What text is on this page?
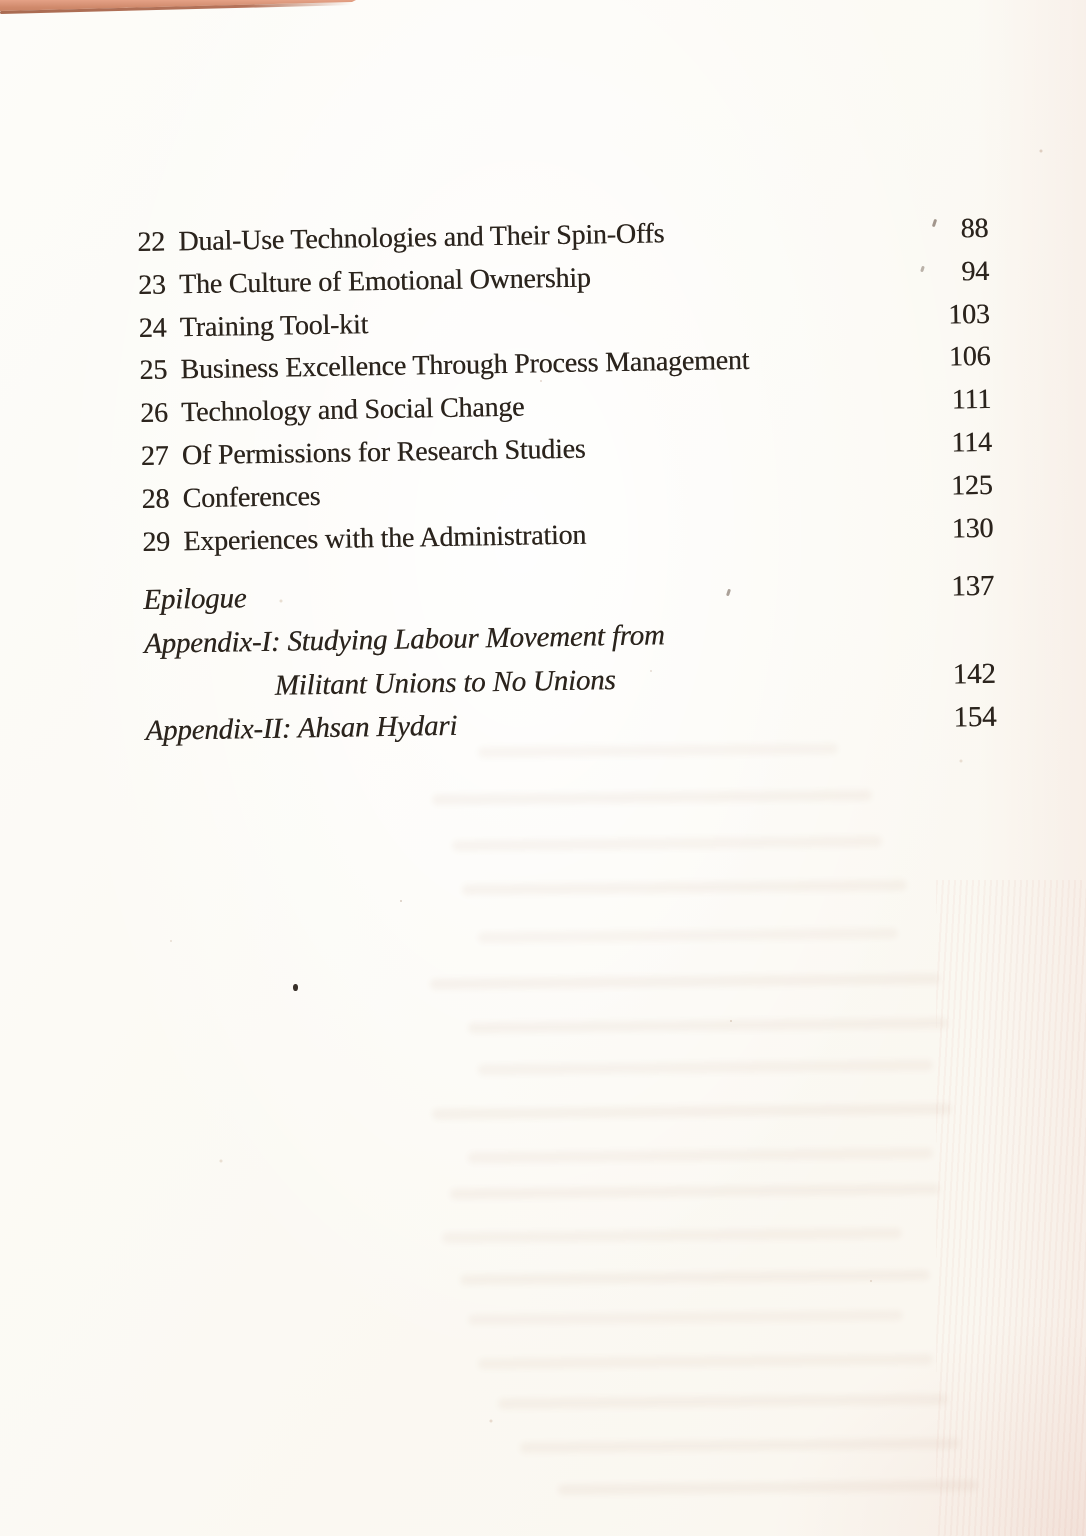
22 Dual-Use Technologies and Their Spin-Offs	88
23 The Culture of Emotional Ownership	94
24 Training Tool-kit	103
25 Business Excellence Through Process Management	106
26 Technology and Social Change	111
27 Of Permissions for Research Studies	114
28 Conferences	125
29 Experiences with the Administration	130
Epilogue	137
Appendix-I: Studying Labour Movement from
Militant Unions to No Unions	142
Appendix-II: Ahsan Hydari	154
